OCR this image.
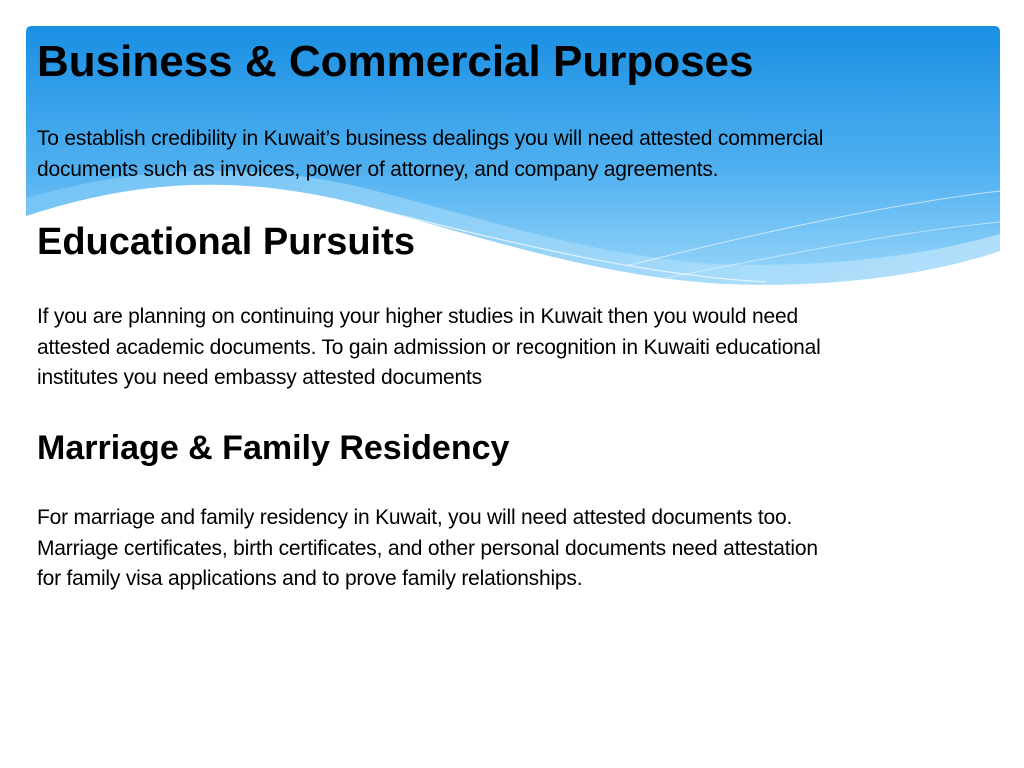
Business & Commercial Purposes
To establish credibility in Kuwait’s business dealings you will need attested commercial
documents such as invoices, power of attorney, and company agreements.
Educational Pursuits
If you are planning on continuing your higher studies in Kuwait then you would need
attested academic documents. To gain admission or recognition in Kuwaiti educational
institutes you need embassy attested documents
Marriage & Family Residency
For marriage and family residency in Kuwait, you will need attested documents too.
Marriage certificates, birth certificates, and other personal documents need attestation
for family visa applications and to prove family relationships.
